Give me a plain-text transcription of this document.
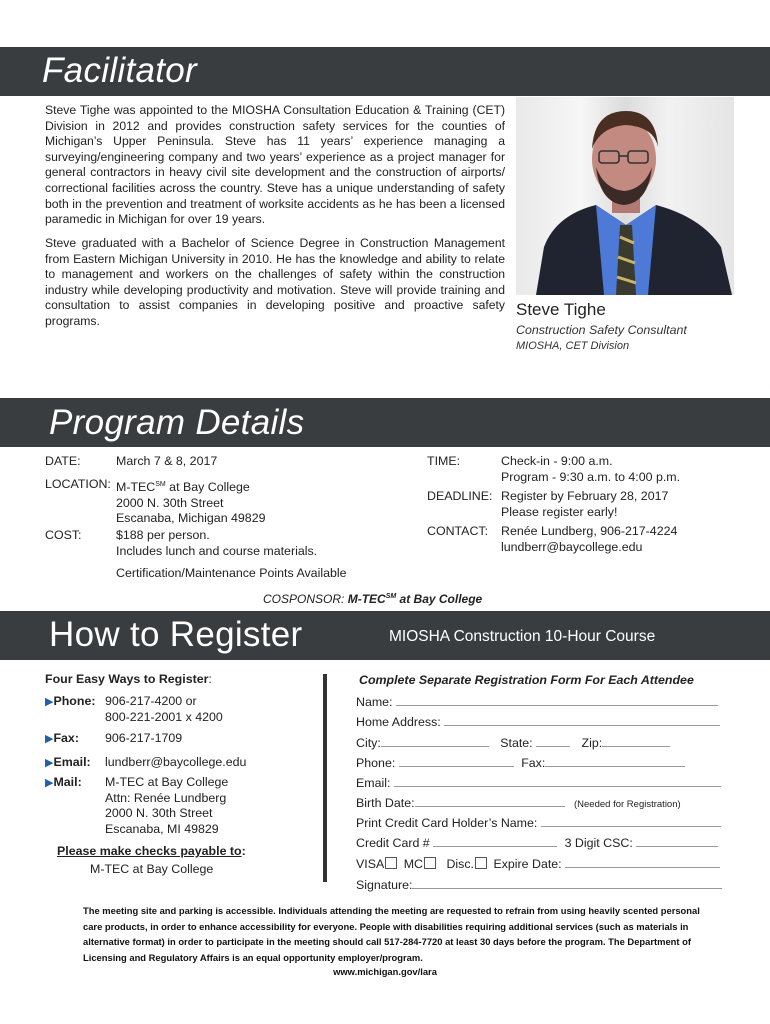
Facilitator
Steve Tighe was appointed to the MIOSHA Consultation Education & Training (CET) Division in 2012 and provides construction safety services for the counties of Michigan’s Upper Peninsula. Steve has 11 years’ experience managing a surveying/engineering company and two years’ experience as a project manager for general contractors in heavy civil site development and the construction of airports/ correctional facilities across the country. Steve has a unique understanding of safety both in the prevention and treatment of worksite accidents as he has been a licensed paramedic in Michigan for over 19 years.
Steve graduated with a Bachelor of Science Degree in Construction Management from Eastern Michigan University in 2010. He has the knowledge and ability to relate to management and workers on the challenges of safety within the construction industry while developing productivity and motivation. Steve will provide training and consultation to assist companies in developing positive and proactive safety programs.
Steve Tighe
Construction Safety Consultant
MIOSHA, CET Division
Program Details
DATE:	March 7 & 8, 2017
LOCATION: M-TEC℠ at Bay College
2000 N. 30th Street
Escanaba, Michigan 49829
COST:	$188 per person.
Includes lunch and course materials.
Certification/Maintenance Points Available
TIME:	Check-in - 9:00 a.m.
Program - 9:30 a.m. to 4:00 p.m.
DEADLINE: Register by February 28, 2017
Please register early!
CONTACT: Renée Lundberg, 906-217-4224
lundberr@baycollege.edu
COSPONSOR: M-TEC℠ at Bay College
How to Register	MIOSHA Construction 10-Hour Course
Four Easy Ways to Register:
▶Phone: 906-217-4200 or
800-221-2001 x 4200
▶Fax: 906-217-1709
▶Email: lundberr@baycollege.edu
▶Mail: M-TEC at Bay College
Attn: Renée Lundberg
2000 N. 30th Street
Escanaba, MI 49829
Please make checks payable to:
M-TEC at Bay College
Complete Separate Registration Form For Each Attendee
Name:
Home Address:
City:	State:	Zip:
Phone:	Fax:
Email:
Birth Date:	(Needed for Registration)
Print Credit Card Holder’s Name:
Credit Card #	3 Digit CSC:
VISA MC Disc. Expire Date:
Signature:
The meeting site and parking is accessible. Individuals attending the meeting are requested to refrain from using heavily scented personal care products, in order to enhance accessibility for everyone. People with disabilities requiring additional services (such as materials in alternative format) in order to participate in the meeting should call 517-284-7720 at least 30 days before the program. The Department of Licensing and Regulatory Affairs is an equal opportunity employer/program.
www.michigan.gov/lara
